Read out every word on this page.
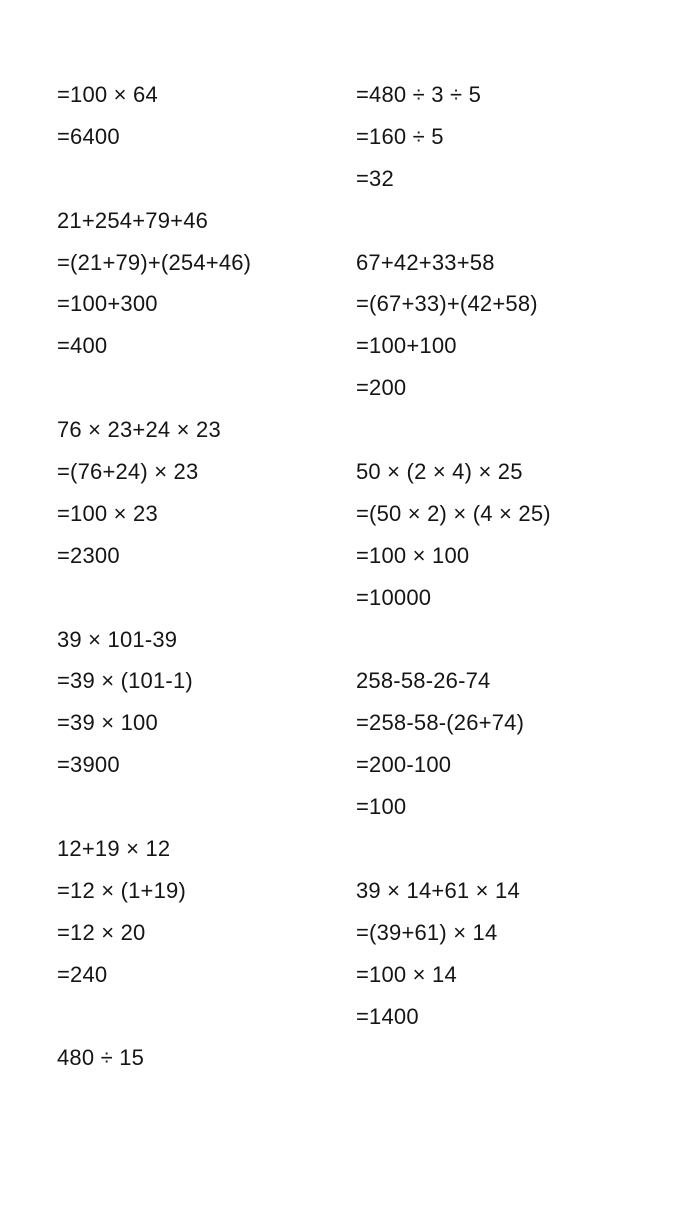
=100 × 64	=480 ÷ 3 ÷ 5
=6400	=160 ÷ 5
=32
21+254+79+46
=(21+79)+(254+46)	67+42+33+58
=100+300	=(67+33)+(42+58)
=400	=100+100
=200
76 × 23+24 × 23
=(76+24) × 23	50 × (2 × 4) × 25
=100 × 23	=(50 × 2) × (4 × 25)
=2300	=100 × 100
=10000
39 × 101-39
=39 × (101-1)	258-58-26-74
=39 × 100	=258-58-(26+74)
=3900	=200-100
=100
12+19 × 12
=12 × (1+19)	39 × 14+61 × 14
=12 × 20	=(39+61) × 14
=240	=100 × 14
=1400
480 ÷ 15
